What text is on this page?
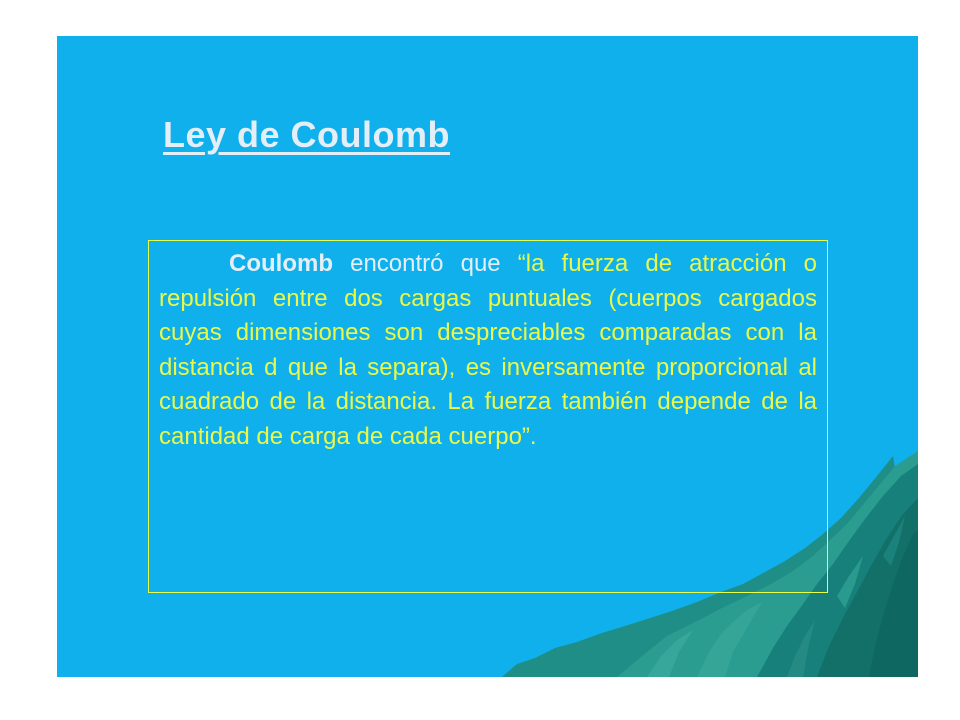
Ley de Coulomb

Coulomb encontró que “la fuerza de atracción o repulsión entre dos cargas puntuales (cuerpos cargados cuyas dimensiones son despreciables comparadas con la distancia d que la separa), es inversamente proporcional al cuadrado de la distancia. La fuerza también depende de la cantidad de carga de cada cuerpo”.
